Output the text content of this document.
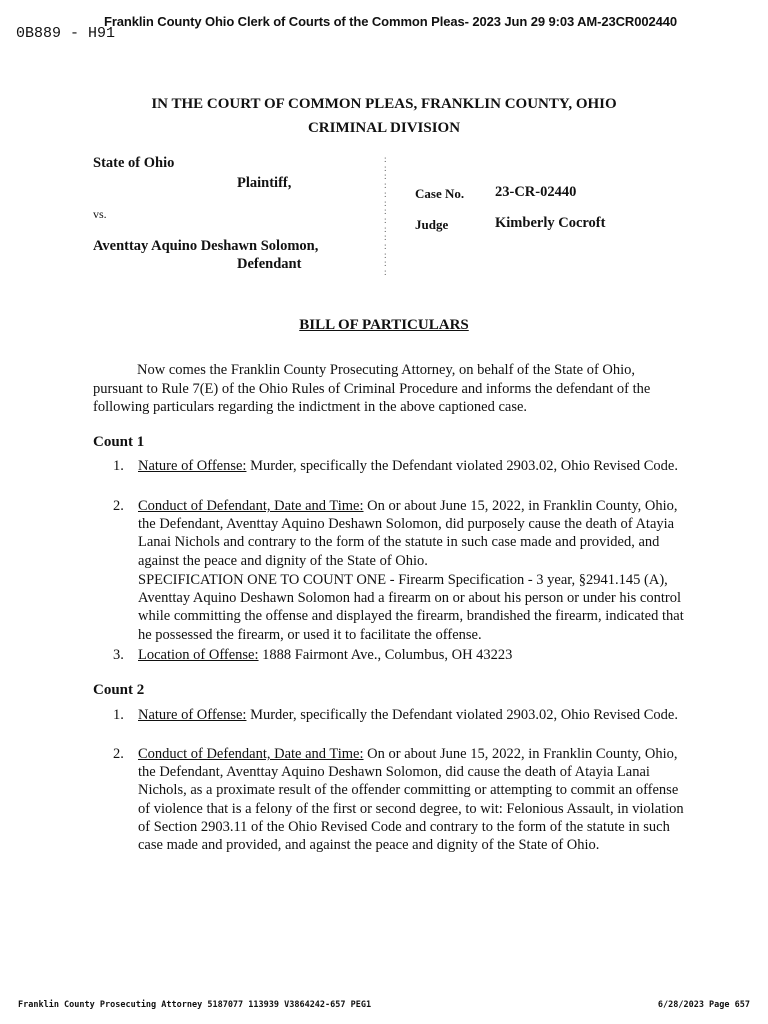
Franklin County Ohio Clerk of Courts of the Common Pleas- 2023 Jun 29 9:03 AM-23CR002440
0B889 - H91
IN THE COURT OF COMMON PLEAS, FRANKLIN COUNTY, OHIO
CRIMINAL DIVISION
State of Ohio
Plaintiff,
vs.
Aventtay Aquino Deshawn Solomon,
Defendant
:
:
:
:
:
:
:
:
:
:
:
:
:
:
Case No. 23-CR-02440
Judge	Kimberly Cocroft
BILL OF PARTICULARS
Now comes the Franklin County Prosecuting Attorney, on behalf of the State of Ohio, pursuant to Rule 7(E) of the Ohio Rules of Criminal Procedure and informs the defendant of the following particulars regarding the indictment in the above captioned case.
Count 1
1. Nature of Offense: Murder, specifically the Defendant violated 2903.02, Ohio Revised Code.
2. Conduct of Defendant, Date and Time: On or about June 15, 2022, in Franklin County, Ohio, the Defendant, Aventtay Aquino Deshawn Solomon, did purposely cause the death of Atayia Lanai Nichols and contrary to the form of the statute in such case made and provided, and against the peace and dignity of the State of Ohio.
SPECIFICATION ONE TO COUNT ONE - Firearm Specification - 3 year, §2941.145 (A), Aventtay Aquino Deshawn Solomon had a firearm on or about his person or under his control while committing the offense and displayed the firearm, brandished the firearm, indicated that he possessed the firearm, or used it to facilitate the offense.
3. Location of Offense: 1888 Fairmont Ave., Columbus, OH 43223
Count 2
1. Nature of Offense: Murder, specifically the Defendant violated 2903.02, Ohio Revised Code.
2. Conduct of Defendant, Date and Time: On or about June 15, 2022, in Franklin County, Ohio, the Defendant, Aventtay Aquino Deshawn Solomon, did cause the death of Atayia Lanai Nichols, as a proximate result of the offender committing or attempting to commit an offense of violence that is a felony of the first or second degree, to wit: Felonious Assault, in violation of Section 2903.11 of the Ohio Revised Code and contrary to the form of the statute in such case made and provided, and against the peace and dignity of the State of Ohio.
Franklin County Prosecuting Attorney 5187077 113939 V3864242-657 PEG1	6/28/2023 Page 657
